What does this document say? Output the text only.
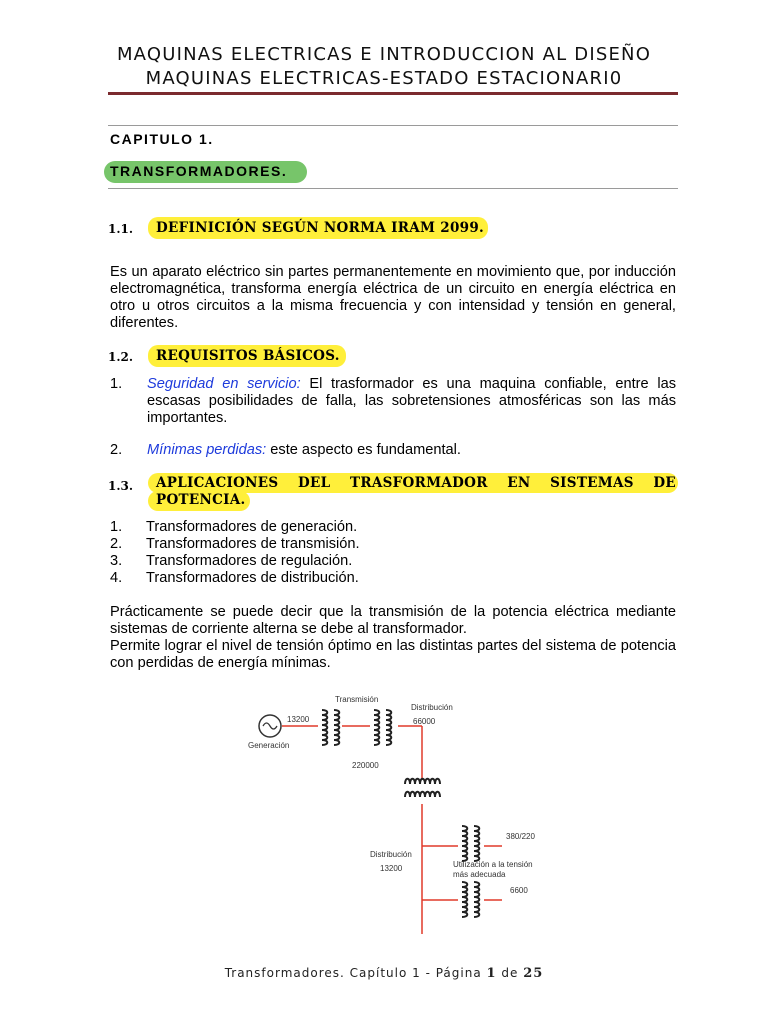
MAQUINAS ELECTRICAS E INTRODUCCION AL DISEÑO
MAQUINAS ELECTRICAS-ESTADO ESTACIONARI0
CAPITULO 1.
TRANSFORMADORES.
1.1. DEFINICIÓN SEGÚN NORMA IRAM 2099.
Es un aparato eléctrico sin partes permanentemente en movimiento que, por inducción electromagnética, transforma energía eléctrica de un circuito en energía eléctrica en otro u otros circuitos a la misma frecuencia y con intensidad y tensión en general, diferentes.
1.2. REQUISITOS BÁSICOS.
1. Seguridad en servicio: El trasformador es una maquina confiable, entre las escasas posibilidades de falla, las sobretensiones atmosféricas son las más importantes.
2. Mínimas perdidas: este aspecto es fundamental.
1.3. APLICACIONES DEL TRASFORMADOR EN SISTEMAS DE
POTENCIA.
1. Transformadores de generación.
2. Transformadores de transmisión.
3. Transformadores de regulación.
4. Transformadores de distribución.
Prácticamente se puede decir que la transmisión de la potencia eléctrica mediante sistemas de corriente alterna se debe al transformador.
Permite lograr el nivel de tensión óptimo en las distintas partes del sistema de potencia con perdidas de energía mínimas.
Generación
13200
Transmisión
Distribución
66000
220000
Distribución
13200
380/220
Utilización a la tensión
más adecuada
6600
Transformadores. Capítulo 1 - Página 1 de 25
